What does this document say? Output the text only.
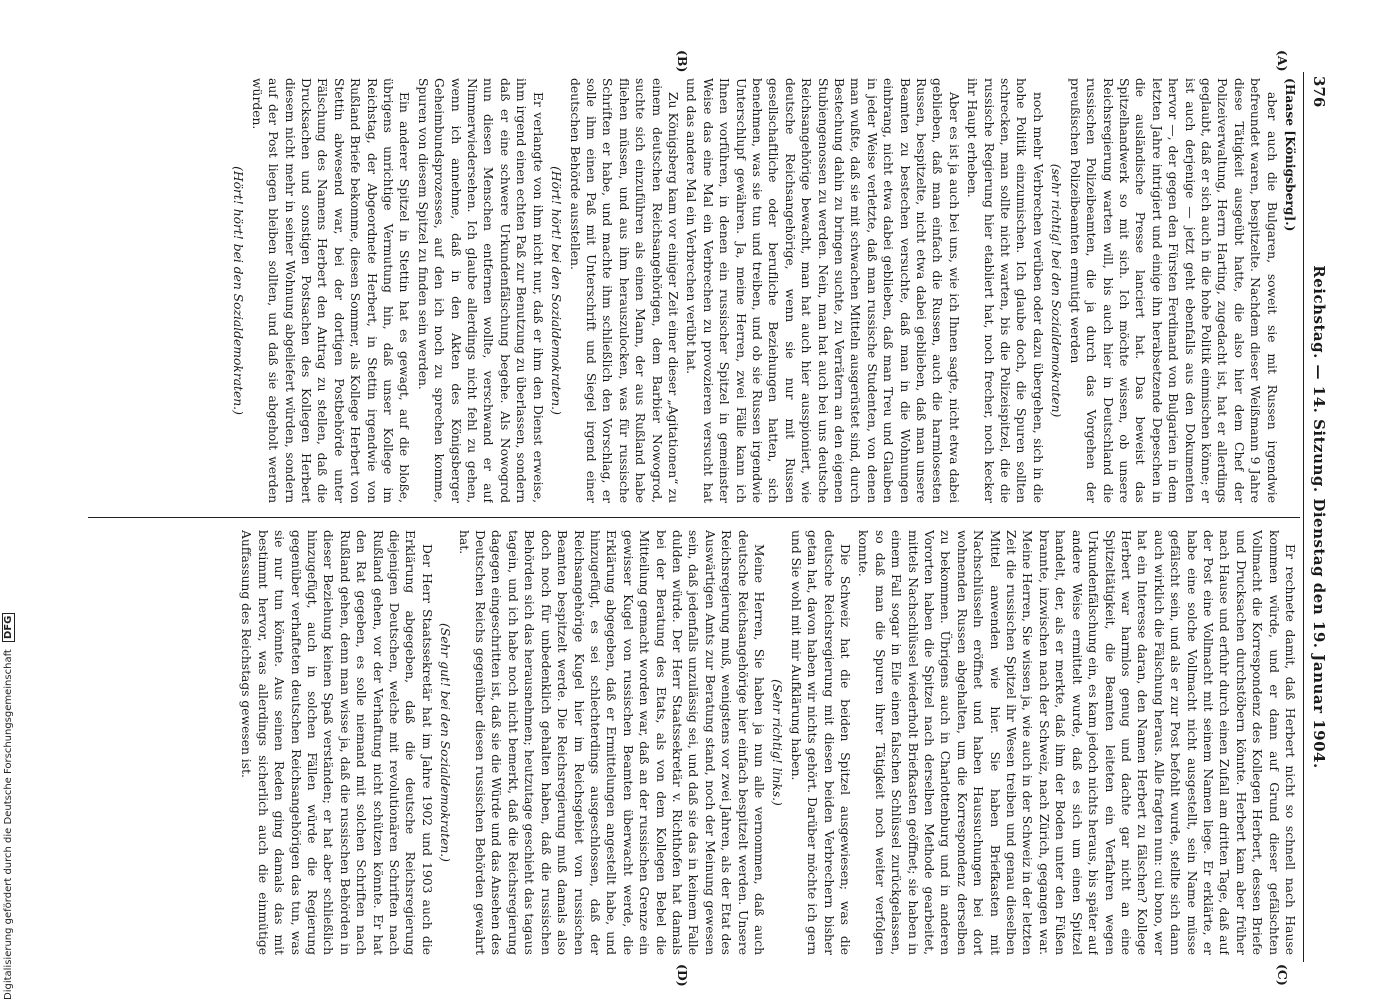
376
Reichstag. — 14. Sitzung. Dienstag den 19. Januar 1904.
(A)
(B)
(C)
(D)

(Haase [Königsberg].)

aber auch die Bulgaren, soweit sie mit Russen irgendwie befreundet waren, bespitzelte. Nachdem dieser Weißmann 9 Jahre diese Tätigkeit ausgeübt hatte, die also hier dem Chef der Polizeiverwaltung, Herrn Harting, zugedacht ist, hat er allerdings geglaubt, daß er sich auch in die hohe Politik einmischen könne; er ist auch derjenige — jetzt geht ebenfalls aus den Dokumenten hervor —, der gegen den Fürsten Ferdinand von Bulgarien in dem letzten Jahre intrigiert und einige ihn herabsetzende Depeschen in die ausländische Presse lanciert hat. Das beweist das Spitzelhandwerk so mit sich. Ich möchte wissen, ob unsere Reichsregierung warten will, bis auch hier in Deutschland die russischen Polizeibeamten, die ja durch das Vorgehen der preußischen Polizeibeamten ermutigt werden

(sehr richtig! bei den Sozialdemokraten)

noch mehr Verbrechen verüben oder dazu übergehen, sich in die hohe Politik einzumischen. Ich glaube doch, die Spuren sollten schrecken, man sollte nicht warten, bis die Polizeispitzel, die die russische Regierung hier etabliert hat, noch frecher, noch kecker ihr Haupt erheben.

Aber es ist ja auch bei uns, wie ich Ihnen sagte, nicht etwa dabei geblieben, daß man einfach die Russen, auch die harmlosesten Russen, bespitzelte, nicht etwa dabei geblieben, daß man unsere Beamten zu bestechen versuchte, daß man in die Wohnungen einbrang, nicht etwa dabei geblieben, daß man Treu und Glauben in jeder Weise verletzte, daß man russische Studenten, von denen man wußte, daß sie mit schwachen Mitteln ausgerüstet sind, durch Bestechung dahin zu bringen suchte, zu Verrätern an den eigenen Stubiengenossen zu werden. Nein, man hat auch bei uns deutsche Reichsangehörige bewacht, man hat auch hier ausspioniert, wie deutsche Reichsangehörige, wenn sie nur mit Russen gesellschaftliche oder berufliche Beziehungen hatten, sich benehmen, was sie tun und treiben, und ob sie Russen irgendwie Unterschlupf gewähren. Ja, meine Herren, zwei Fälle kann ich Ihnen vorführen, in denen ein russischer Spitzel in gemeinster Weise das eine Mal ein Verbrechen zu provozieren versucht hat und das andere Mal ein Verbrechen verübt hat.

Zu Königsberg kam vor einiger Zeit einer dieser „Agitationen“ zu einem deutschen Reichsangehörigen, dem Barbier Nowogrod, suchte sich einzuführen als einen Mann, der aus Rußland habe fliehen müssen, und aus ihm herauszulocken, was für russische Schriften er habe, und machte ihm schließlich den Vorschlag, er solle ihm einen Paß mit Unterschrift und Siegel irgend einer deutschen Behörde ausstellen.

(Hört! hört! bei den Sozialdemokraten.)

Er verlangte von ihm nicht nur, daß er ihm den Dienst erweise, ihm irgend einen echten Paß zur Benutzung zu überlassen, sondern daß er eine schwere Urkundenfälschung begehe. Als Nowogrod nun diesen Menschen entfernen wollte, verschwand er auf Nimmerwiedersehen. Ich glaube allerdings nicht fehl zu gehen, wenn ich annehme, daß in den Akten des Königsberger Geheimbundsprozesses, auf den ich noch zu sprechen komme, Spuren von diesem Spitzel zu finden sein werden.

Ein anderer Spitzel in Stettin hat es gewagt, auf die bloße, übrigens unrichtige Vermutung hin, daß unser Kollege im Reichstag, der Abgeordnete Herbert, in Stettin irgendwie von Rußland Briefe bekomme, diesen Sommer, als Kollege Herbert von Stettin abwesend war, bei der dortigen Postbehörde unter Fälschung des Namens Herbert den Antrag zu stellen, daß die Drucksachen und sonstigen Postsachen des Kollegen Herbert diesem nicht mehr in seiner Wohnung abgeliefert würden, sondern auf der Post liegen bleiben sollten, und daß sie abgeholt werden würden.

(Hört! hört! bei den Sozialdemokraten.)

Er rechnete damit, daß Herbert nicht so schnell nach Hause kommen würde, und er dann auf Grund dieser gefälschten Vollmacht die Korrespondenz des Kollegen Herbert, dessen Briefe und Drucksachen durchstöbern könnte. Herbert kam aber früher nach Hause und erfuhr durch einen Zufall am dritten Tage, daß auf der Post eine Vollmacht mit seinem Namen liege. Er erklärte, er habe eine solche Vollmacht nicht ausgestellt, sein Name müsse gefälscht sein, und als er zur Post befohlt wurde, stellte sich dann auch wirklich die Fälschung heraus. Alle fragten nun: cui bono, wer hat ein Interesse daran, den Namen Herbert zu fälschen? Kollege Herbert war harmlos genug und dachte gar nicht an eine Spitzeltätigkeit, die Beamten leiteten ein Verfahren wegen Urkundenfälschung ein, es kam jedoch nichts heraus, bis später auf andere Weise ermittelt wurde, daß es sich um einen Spitzel handelt, der, als er merkte, daß ihm der Boden unter den Füßen brannte, inzwischen nach der Schweiz, nach Zürich, gegangen war. Meine Herren, Sie wissen ja, wie auch in der Schweiz in der letzten Zeit die russischen Spitzel ihr Wesen treiben und genau dieselben Mittel anwenden wie hier. Sie haben Briefkasten mit Nachschlüsseln eröffnet und haben Haussuchungen bei dort wohnenden Russen abgehalten, um die Korrespondenz derselben zu bekommen. Übrigens auch in Charlottenburg und in anderen Vororten haben die Spitzel nach derselben Methode gearbeitet, mittels Nachschlüssel wiederholt Briefkasten geöffnet; sie haben in einem Fall sogar in Eile einen falschen Schlüssel zurückgelassen, so daß man die Spuren ihrer Tätigkeit noch weiter verfolgen konnte.

Die Schweiz hat die beiden Spitzel ausgewiesen; was die deutsche Reichsregierung mit diesen beiden Verbrechern bisher getan hat, davon haben wir nichts gehört. Darüber möchte ich gern und Sie wohl mit mir Aufklärung haben.

(Sehr richtig! links.)

Meine Herren, Sie haben ja nun alle vernommen, daß auch deutsche Reichsangehörige hier einfach bespitzelt werden. Unsere Reichsregierung muß, wenigstens vor zwei Jahren, als der Etat des Auswärtigen Amts zur Beratung stand, noch der Meinung gewesen sein, daß jedenfalls unzulässig sei, und daß sie das in keinem Falle dulden würde. Der Herr Staatssekretär v. Richthofen hat damals bei der Beratung des Etats, als von dem Kollegen Bebel die Mitteilung gemacht worden war, daß an der russischen Grenze ein gewisser Kugel von russischen Beamten überwacht werde, die Erklärung abgegeben, daß er Ermittelungen angestellt habe, und hinzugefügt, es sei schlechterdings ausgeschlossen, daß der Reichsangehörige Kugel hier im Reichsgebiet von russischen Beamten bespitzelt werde. Die Reichsregierung muß damals also doch noch für unbedenklich gehalten haben, daß die russischen Behörden sich das herausnehmen; heutzutage geschieht das tagaus tagein, und ich habe noch nicht bemerkt, daß die Reichsregierung dagegen eingeschritten ist, daß sie die Würde und das Ansehen des Deutschen Reichs gegenüber diesen russischen Behörden gewahrt hat.

(Sehr gut! bei den Sozialdemokraten.)

Der Herr Staatssekretär hat im Jahre 1902 und 1903 auch die Erklärung abgegeben, daß die deutsche Reichsregierung diejenigen Deutschen, welche mit revolutionären Schriften nach Rußland gehen, vor der Verhaftung nicht schützen könnte. Er hat den Rat gegeben, es solle niemand mit solchen Schriften nach Rußland gehen, denn man wisse ja, daß die russischen Behörden in dieser Beziehung keinen Spaß verständen; er hat aber schließlich hinzugefügt, auch in solchen Fällen würde die Regierung gegenüber verhafteten deutschen Reichsangehörigen das tun, was sie nur tun könnte. Aus seinen Reden ging damals das mit bestimmt hervor, was allerdings sicherlich auch die einmütige Auffassung des Reichstags gewesen ist.

Digitalisierung gefördert durch die Deutsche Forschungsgemeinschaft DFG
